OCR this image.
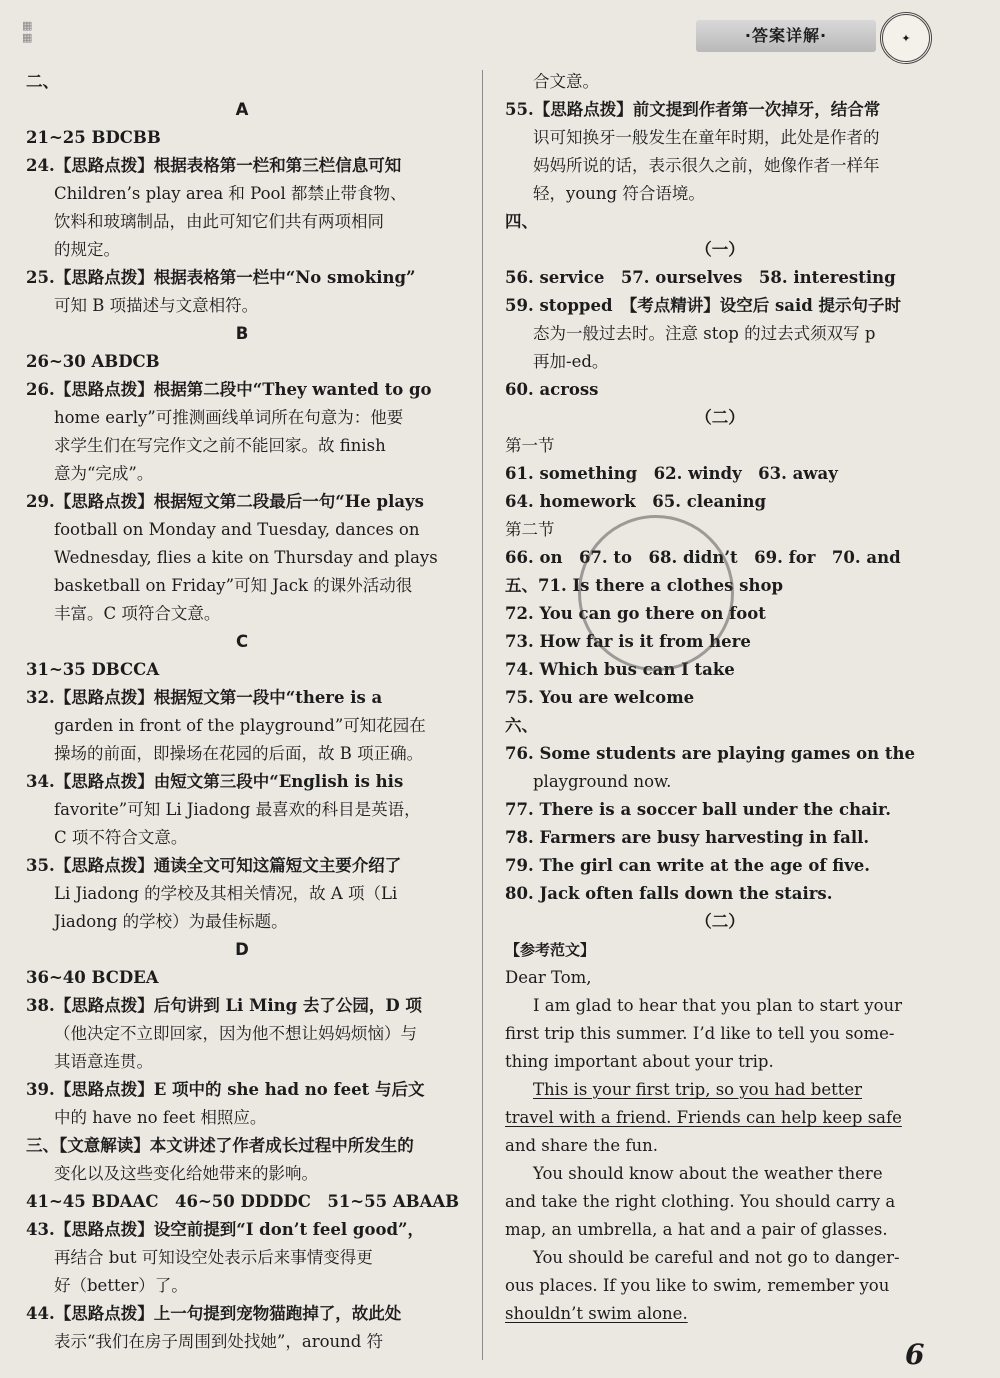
▦
▦	·答案详解·	✦
二、
A
21~25 BDCBB
24.【思路点拨】根据表格第一栏和第三栏信息可知
Children’s play area 和 Pool 都禁止带食物、
饮料和玻璃制品，由此可知它们共有两项相同
的规定。
25.【思路点拨】根据表格第一栏中“No smoking”
可知 B 项描述与文意相符。
B
26~30 ABDCB
26.【思路点拨】根据第二段中“They wanted to go
home early”可推测画线单词所在句意为：他要
求学生们在写完作文之前不能回家。故 finish
意为“完成”。
29.【思路点拨】根据短文第二段最后一句“He plays
football on Monday and Tuesday, dances on
Wednesday, flies a kite on Thursday and plays
basketball on Friday”可知 Jack 的课外活动很
丰富。C 项符合文意。
C
31~35 DBCCA
32.【思路点拨】根据短文第一段中“there is a
garden in front of the playground”可知花园在
操场的前面，即操场在花园的后面，故 B 项正确。
34.【思路点拨】由短文第三段中“English is his
favorite”可知 Li Jiadong 最喜欢的科目是英语，
C 项不符合文意。
35.【思路点拨】通读全文可知这篇短文主要介绍了
Li Jiadong 的学校及其相关情况，故 A 项（Li
Jiadong 的学校）为最佳标题。
D
36~40 BCDEA
38.【思路点拨】后句讲到 Li Ming 去了公园，D 项
（他决定不立即回家，因为他不想让妈妈烦恼）与
其语意连贯。
39.【思路点拨】E 项中的 she had no feet 与后文
中的 have no feet 相照应。
三、【文意解读】本文讲述了作者成长过程中所发生的
变化以及这些变化给她带来的影响。
41~45 BDAAC　46~50 DDDDC　51~55 ABAAB
43.【思路点拨】设空前提到“I don’t feel good”，
再结合 but 可知设空处表示后来事情变得更
好（better）了。
44.【思路点拨】上一句提到宠物猫跑掉了，故此处
表示“我们在房子周围到处找她”，around 符
合文意。
55.【思路点拨】前文提到作者第一次掉牙，结合常
识可知换牙一般发生在童年时期，此处是作者的
妈妈所说的话，表示很久之前，她像作者一样年
轻，young 符合语境。
四、
（一）
56. service　57. ourselves　58. interesting
59. stopped　【考点精讲】设空后 said 提示句子时
态为一般过去时。注意 stop 的过去式须双写 p
再加-ed。
60. across
（二）
第一节
61. something　62. windy　63. away
64. homework　65. cleaning
第二节
66. on　67. to　68. didn’t　69. for　70. and
五、71. Is there a clothes shop
72. You can go there on foot
73. How far is it from here
74. Which bus can I take
75. You are welcome
六、
76. Some students are playing games on the
playground now.
77. There is a soccer ball under the chair.
78. Farmers are busy harvesting in fall.
79. The girl can write at the age of five.
80. Jack often falls down the stairs.
（二）
【参考范文】
Dear Tom,
I am glad to hear that you plan to start your
first trip this summer. I’d like to tell you some-
thing important about your trip.
This is your first trip, so you had better
travel with a friend. Friends can help keep safe
and share the fun.
You should know about the weather there
and take the right clothing. You should carry a
map, an umbrella, a hat and a pair of glasses.
You should be careful and not go to danger-
ous places. If you like to swim, remember you
shouldn’t swim alone.
6
